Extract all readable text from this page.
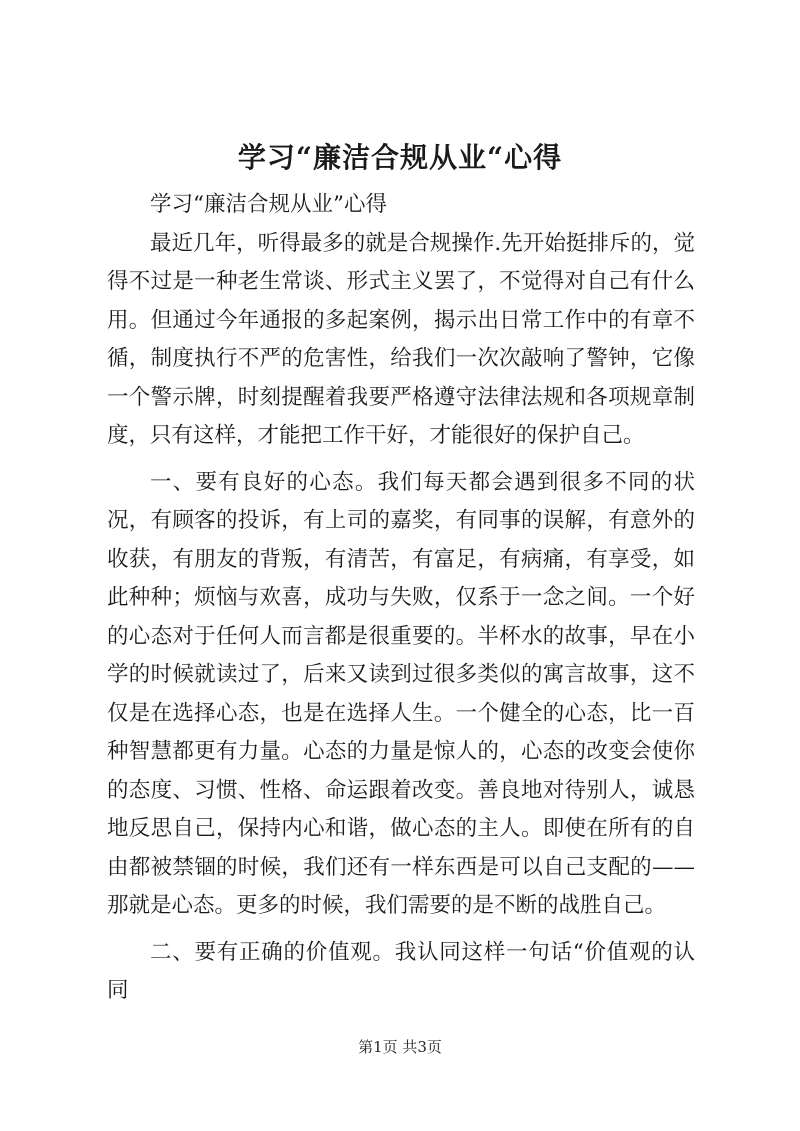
学习“廉洁合规从业“心得

学习“廉洁合规从业”心得

最近几年，听得最多的就是合规操作.先开始挺排斥的，觉得不过是一种老生常谈、形式主义罢了，不觉得对自己有什么用。但通过今年通报的多起案例，揭示出日常工作中的有章不循，制度执行不严的危害性，给我们一次次敲响了警钟，它像一个警示牌，时刻提醒着我要严格遵守法律法规和各项规章制度，只有这样，才能把工作干好，才能很好的保护自己。

一、要有良好的心态。我们每天都会遇到很多不同的状况，有顾客的投诉，有上司的嘉奖，有同事的误解，有意外的收获，有朋友的背叛，有清苦，有富足，有病痛，有享受，如此种种；烦恼与欢喜，成功与失败，仅系于一念之间。一个好的心态对于任何人而言都是很重要的。半杯水的故事，早在小学的时候就读过了，后来又读到过很多类似的寓言故事，这不仅是在选择心态，也是在选择人生。一个健全的心态，比一百种智慧都更有力量。心态的力量是惊人的，心态的改变会使你的态度、习惯、性格、命运跟着改变。善良地对待别人，诚恳地反思自己，保持内心和谐，做心态的主人。即使在所有的自由都被禁锢的时候，我们还有一样东西是可以自己支配的——那就是心态。更多的时候，我们需要的是不断的战胜自己。

二、要有正确的价值观。我认同这样一句话“价值观的认同

第1页 共3页
